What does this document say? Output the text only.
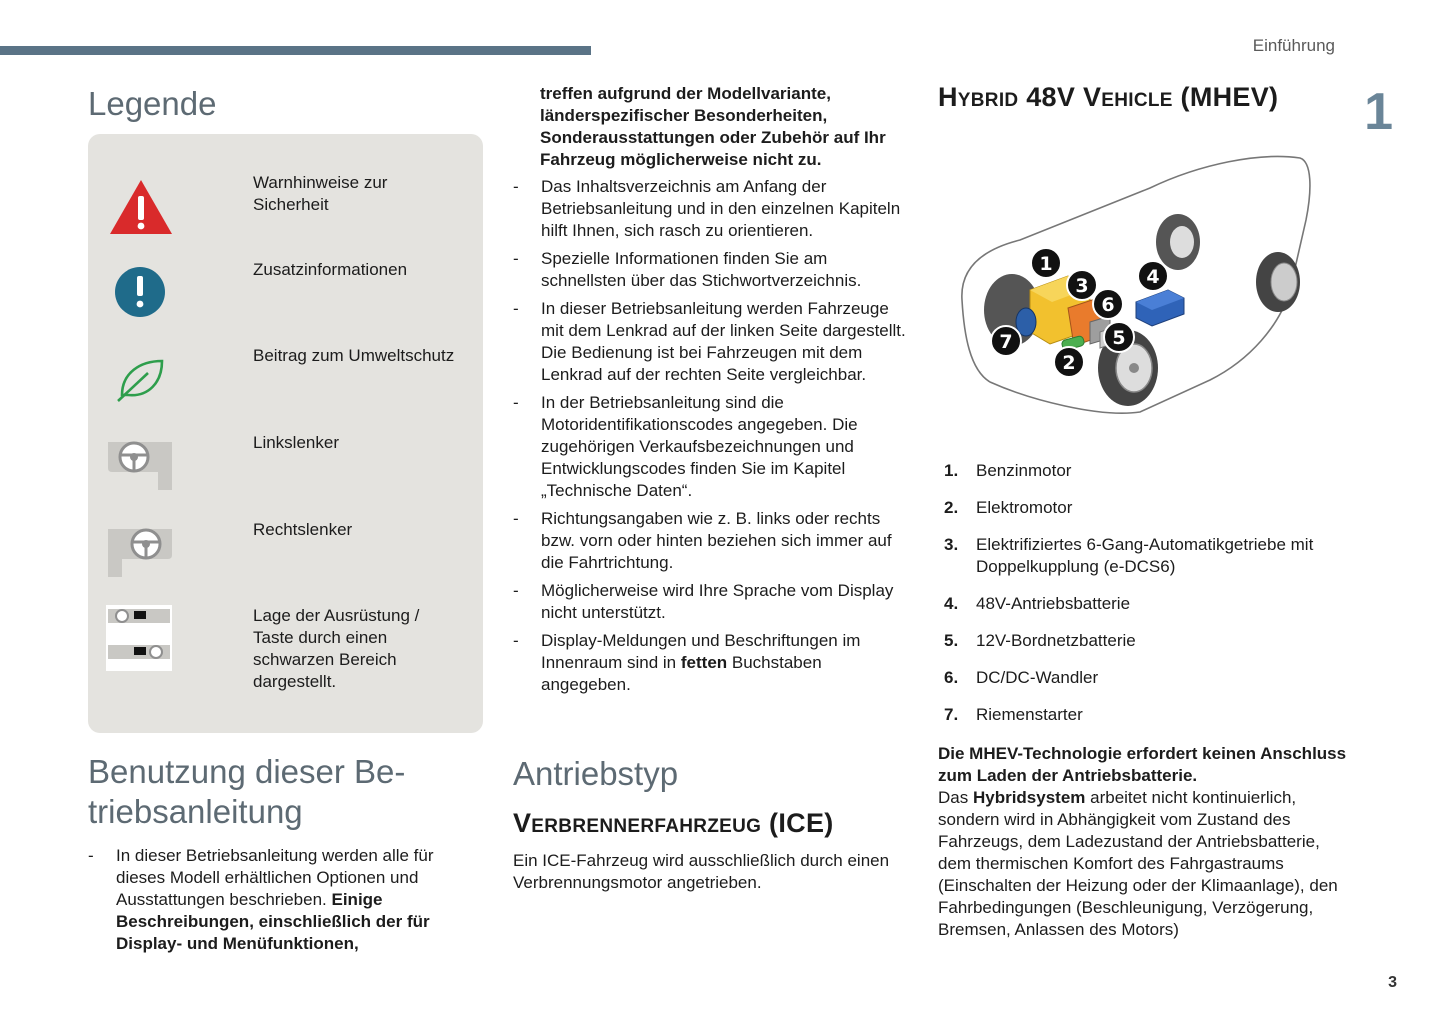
Einführung
1
3
Legende
Warnhinweise zur Sicherheit
Zusatzinformationen
Beitrag zum Umweltschutz
Linkslenker
Rechtslenker
Lage der Ausrüstung / Taste durch einen schwarzen Bereich dargestellt.
Benutzung dieser Be-
triebsanleitung
- In dieser Betriebsanleitung werden alle für dieses Modell erhältlichen Optionen und Ausstattungen beschrieben. Einige Beschreibungen, einschließlich der für Display- und Menüfunktionen,
treffen aufgrund der Modellvariante, länderspezifischer Besonderheiten, Sonderausstattungen oder Zubehör auf Ihr Fahrzeug möglicherweise nicht zu.
- Das Inhaltsverzeichnis am Anfang der Betriebsanleitung und in den einzelnen Kapiteln hilft Ihnen, sich rasch zu orientieren.
- Spezielle Informationen finden Sie am schnellsten über das Stichwortverzeichnis.
- In dieser Betriebsanleitung werden Fahrzeuge mit dem Lenkrad auf der linken Seite dargestellt. Die Bedienung ist bei Fahrzeugen mit dem Lenkrad auf der rechten Seite vergleichbar.
- In der Betriebsanleitung sind die Motoridentifikationscodes angegeben. Die zugehörigen Verkaufsbezeichnungen und Entwicklungscodes finden Sie im Kapitel „Technische Daten“.
- Richtungsangaben wie z. B. links oder rechts bzw. vorn oder hinten beziehen sich immer auf die Fahrtrichtung.
- Möglicherweise wird Ihre Sprache vom Display nicht unterstützt.
- Display-Meldungen und Beschriftungen im Innenraum sind in fetten Buchstaben angegeben.
Antriebstyp
Verbrennerfahrzeug (ICE)
Ein ICE-Fahrzeug wird ausschließlich durch einen Verbrennungsmotor angetrieben.
Hybrid 48V Vehicle (MHEV)
1
2
3	4
5
6
7
1. Benzinmotor
2. Elektromotor
3. Elektrifiziertes 6-Gang-Automatikgetriebe mit Doppelkupplung (e-DCS6)
4. 48V-Antriebsbatterie
5. 12V-Bordnetzbatterie
6. DC/DC-Wandler
7. Riemenstarter
Die MHEV-Technologie erfordert keinen Anschluss zum Laden der Antriebsbatterie.
Das Hybridsystem arbeitet nicht kontinuierlich, sondern wird in Abhängigkeit vom Zustand des Fahrzeugs, dem Ladezustand der Antriebsbatterie, dem thermischen Komfort des Fahrgastraums (Einschalten der Heizung oder der Klimaanlage), den Fahrbedingungen (Beschleunigung, Verzögerung, Bremsen, Anlassen des Motors)
